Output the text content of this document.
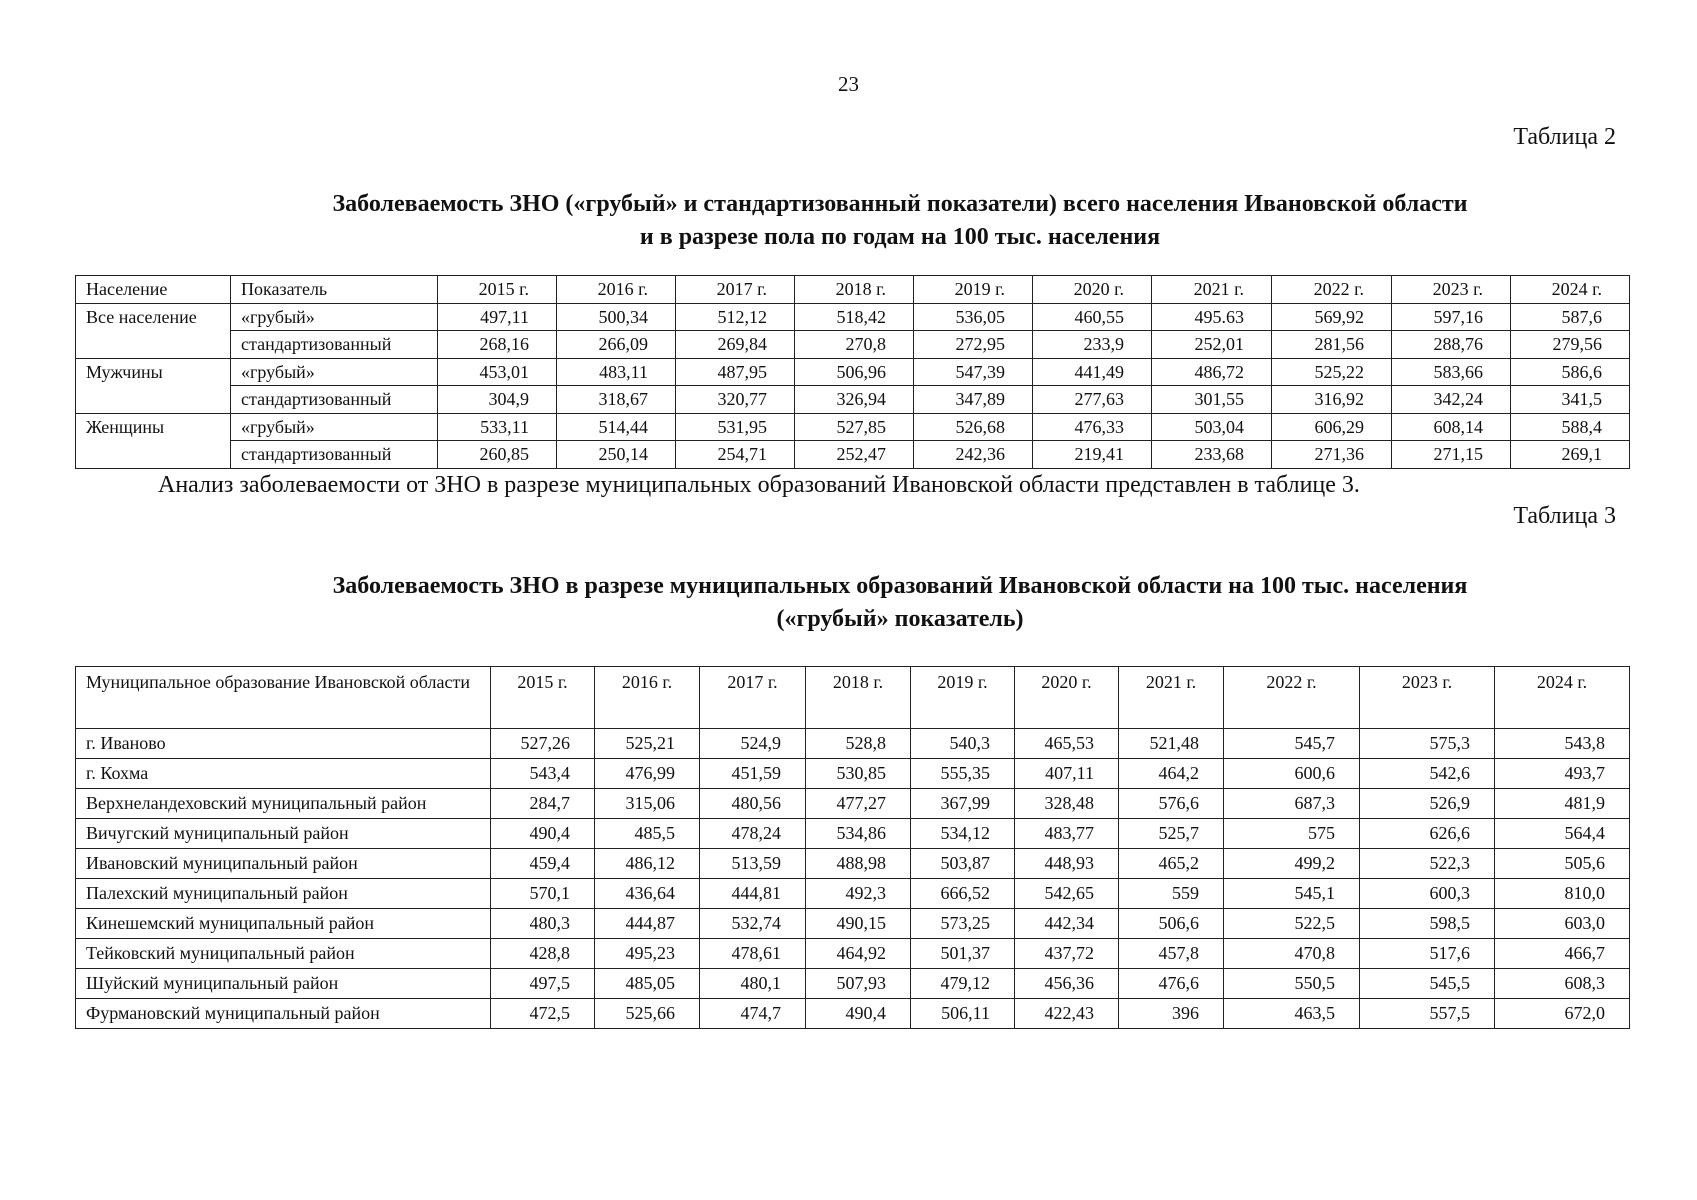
23
Таблица 2
Заболеваемость ЗНО («грубый» и стандартизованный показатели) всего населения Ивановской области
и в разрезе пола по годам на 100 тыс. населения
Население	Показатель	2015 г.	2016 г.	2017 г.	2018 г.	2019 г.	2020 г.	2021 г.	2022 г.	2023 г.	2024 г.
Все население	«грубый»	497,11	500,34	512,12	518,42	536,05	460,55	495.63	569,92	597,16	587,6
	стандартизованный	268,16	266,09	269,84	270,8	272,95	233,9	252,01	281,56	288,76	279,56
Мужчины	«грубый»	453,01	483,11	487,95	506,96	547,39	441,49	486,72	525,22	583,66	586,6
	стандартизованный	304,9	318,67	320,77	326,94	347,89	277,63	301,55	316,92	342,24	341,5
Женщины	«грубый»	533,11	514,44	531,95	527,85	526,68	476,33	503,04	606,29	608,14	588,4
	стандартизованный	260,85	250,14	254,71	252,47	242,36	219,41	233,68	271,36	271,15	269,1
Анализ заболеваемости от ЗНО в разрезе муниципальных образований Ивановской области представлен в таблице 3.
Таблица 3
Заболеваемость ЗНО в разрезе муниципальных образований Ивановской области на 100 тыс. населения
(«грубый» показатель)
Муниципальное образование Ивановской области	2015 г.	2016 г.	2017 г.	2018 г.	2019 г.	2020 г.	2021 г.	2022 г.	2023 г.	2024 г.
г. Иваново	527,26	525,21	524,9	528,8	540,3	465,53	521,48	545,7	575,3	543,8
г. Кохма	543,4	476,99	451,59	530,85	555,35	407,11	464,2	600,6	542,6	493,7
Верхнеландеховский муниципальный район	284,7	315,06	480,56	477,27	367,99	328,48	576,6	687,3	526,9	481,9
Вичугский муниципальный район	490,4	485,5	478,24	534,86	534,12	483,77	525,7	575	626,6	564,4
Ивановский муниципальный район	459,4	486,12	513,59	488,98	503,87	448,93	465,2	499,2	522,3	505,6
Палехский муниципальный район	570,1	436,64	444,81	492,3	666,52	542,65	559	545,1	600,3	810,0
Кинешемский муниципальный район	480,3	444,87	532,74	490,15	573,25	442,34	506,6	522,5	598,5	603,0
Тейковский муниципальный район	428,8	495,23	478,61	464,92	501,37	437,72	457,8	470,8	517,6	466,7
Шуйский муниципальный район	497,5	485,05	480,1	507,93	479,12	456,36	476,6	550,5	545,5	608,3
Фурмановский муниципальный район	472,5	525,66	474,7	490,4	506,11	422,43	396	463,5	557,5	672,0
